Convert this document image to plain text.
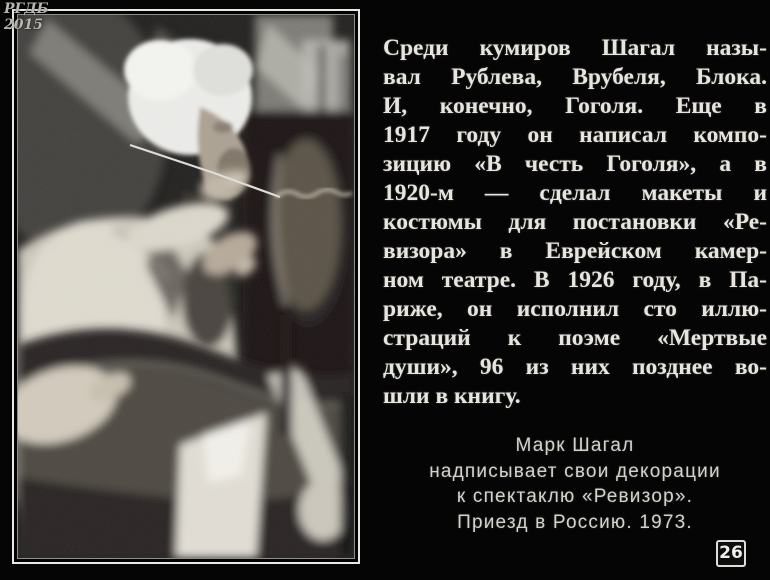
РГДБ
2015
Среди кумиров Шагал назы-
вал Рублева, Врубеля, Блока.
И, конечно, Гоголя. Еще в
1917 году он написал компо-
зицию «В честь Гоголя», а в
1920-м — сделал макеты и
костюмы для постановки «Ре-
визора» в Еврейском камер-
ном театре. В 1926 году, в Па-
риже, он исполнил сто иллю-
страций к поэме «Мертвые
души», 96 из них позднее во-
шли в книгу.
Марк Шагал
надписывает свои декорации
к спектаклю «Ревизор».
Приезд в Россию. 1973.
26
